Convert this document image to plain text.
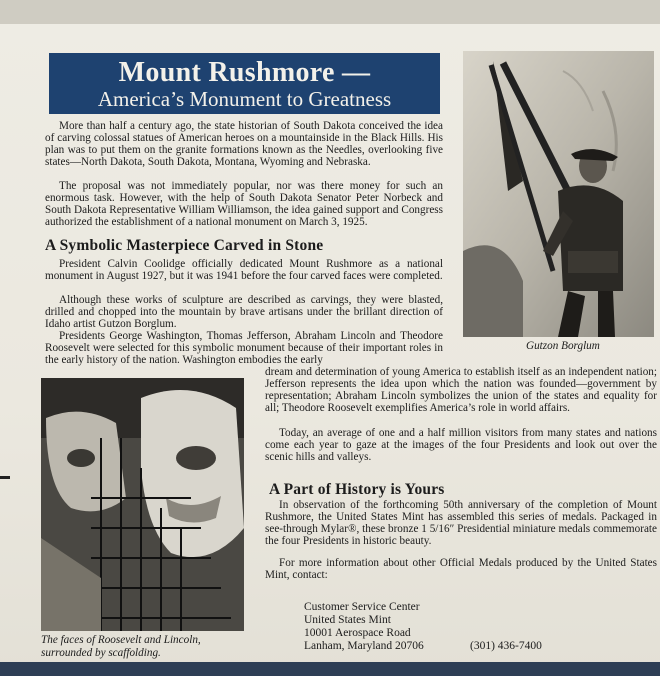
Mount Rushmore —
America’s Monument to Greatness

More than half a century ago, the state historian of South Dakota conceived the idea of carving colossal statues of American heroes on a mountainside in the Black Hills. His plan was to put them on the granite formations known as the Needles, overlooking five states—North Dakota, South Dakota, Montana, Wyoming and Nebraska.

The proposal was not immediately popular, nor was there money for such an enormous task. However, with the help of South Dakota Senator Peter Norbeck and South Dakota Representative William Williamson, the idea gained support and Congress authorized the establishment of a national monument on March 3, 1925.

A Symbolic Masterpiece Carved in Stone

President Calvin Coolidge officially dedicated Mount Rushmore as a national monument in August 1927, but it was 1941 before the four carved faces were completed.

Although these works of sculpture are described as carvings, they were blasted, drilled and chopped into the mountain by brave artisans under the brillant direction of Idaho artist Gutzon Borglum.

Presidents George Washington, Thomas Jefferson, Abraham Lincoln and Theodore Roosevelt were selected for this symbolic monument because of their important roles in the early history of the nation. Washington embodies the early

dream and determination of young America to establish itself as an independent nation; Jefferson represents the idea upon which the nation was founded—government by representation; Abraham Lincoln symbolizes the union of the states and equality for all; Theodore Roosevelt exemplifies America’s role in world affairs.

Today, an average of one and a half million visitors from many states and nations come each year to gaze at the images of the four Presidents and look out over the scenic hills and valleys.

A Part of History is Yours

In observation of the forthcoming 50th anniversary of the completion of Mount Rushmore, the United States Mint has assembled this series of medals. Packaged in see-through Mylar®, these bronze 1 5/16″ Presidential miniature medals commemorate the four Presidents in historic beauty.

For more information about other Official Medals produced by the United States Mint, contact:

Customer Service Center
United States Mint
10001 Aerospace Road
Lanham, Maryland 20706	(301) 436-7400
Gutzon Borglum
The faces of Roosevelt and Lincoln,
surrounded by scaffolding.
